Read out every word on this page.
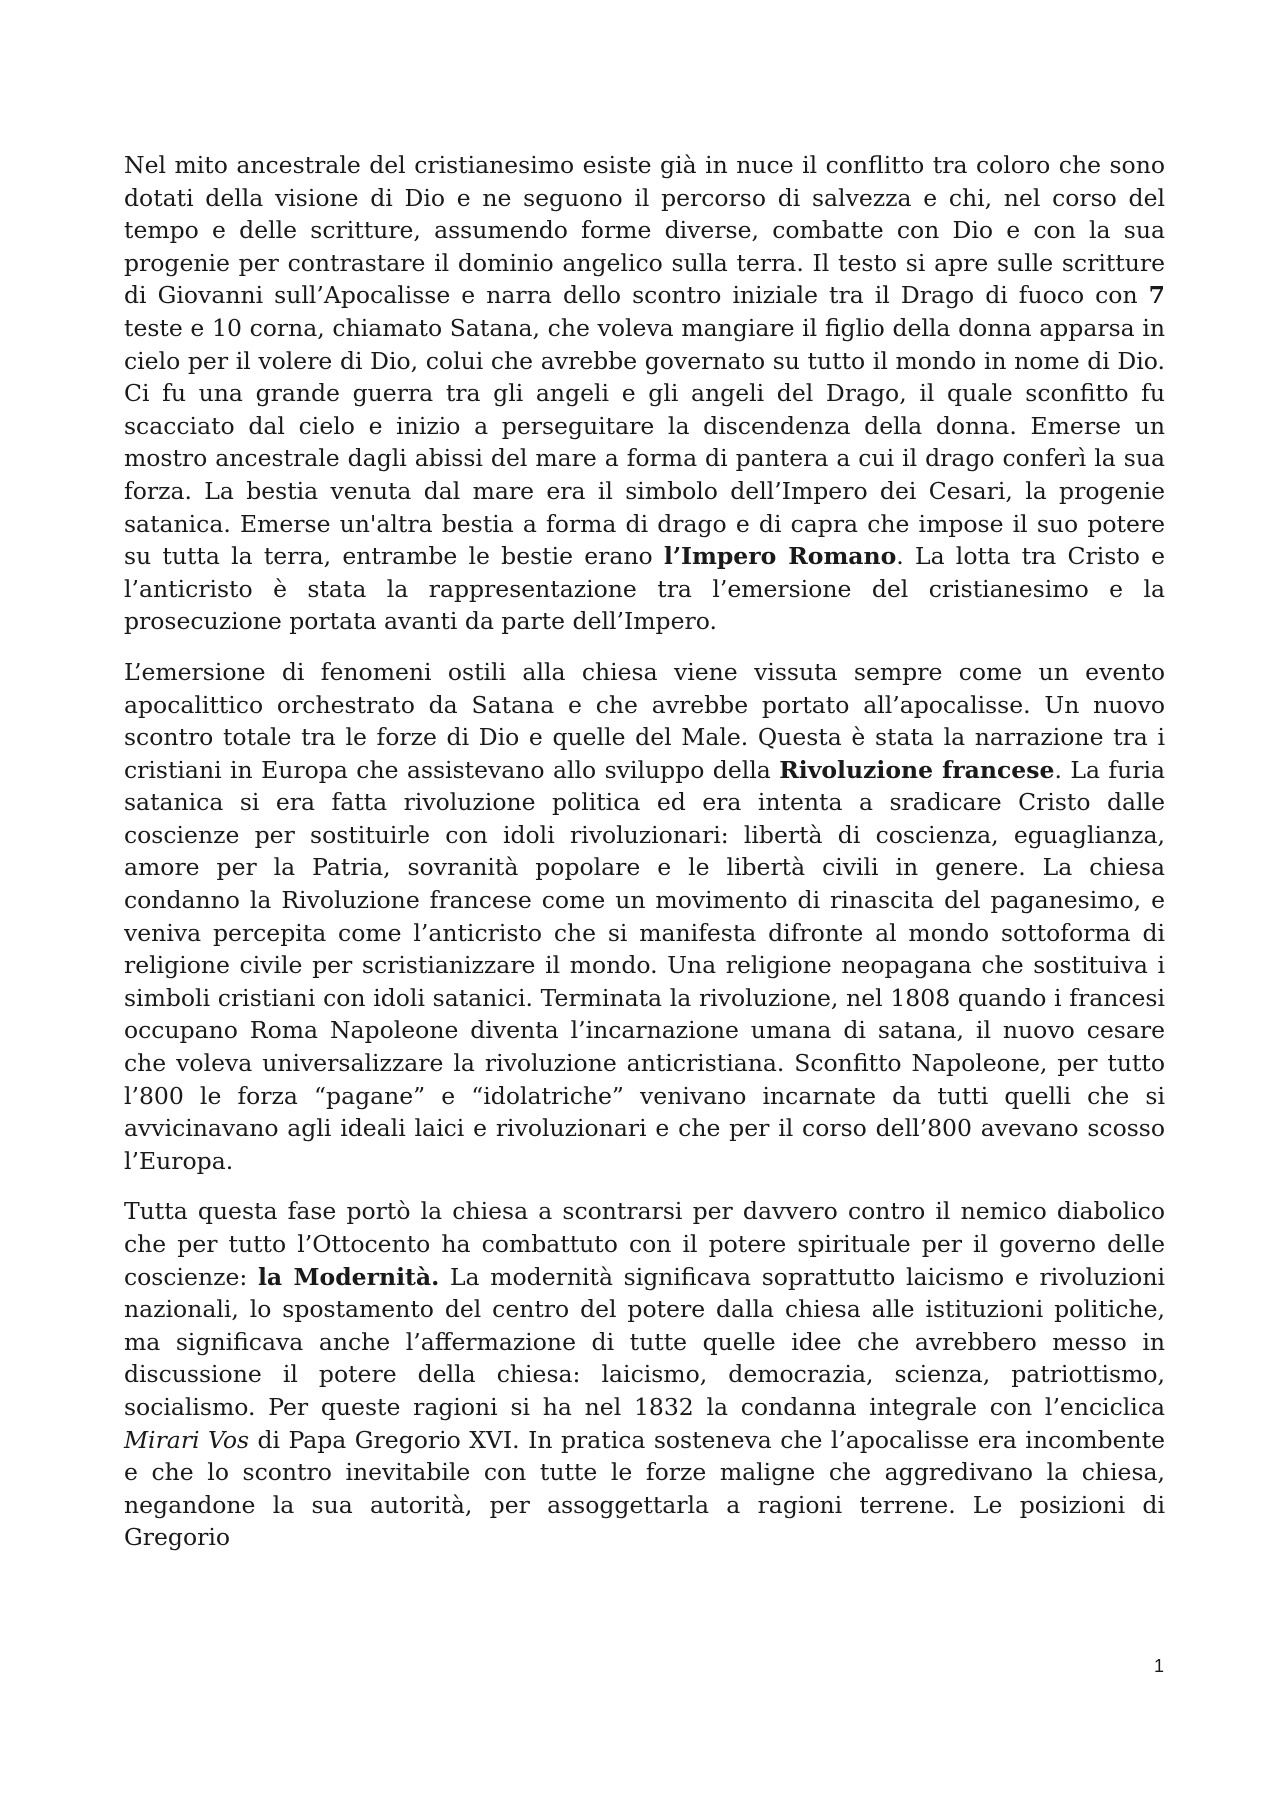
Nel mito ancestrale del cristianesimo esiste già in nuce il conflitto tra coloro che sono dotati della visione di Dio e ne seguono il percorso di salvezza e chi, nel corso del tempo e delle scritture, assumendo forme diverse, combatte con Dio e con la sua progenie per contrastare il dominio angelico sulla terra. Il testo si apre sulle scritture di Giovanni sull’Apocalisse e narra dello scontro iniziale tra il Drago di fuoco con 7 teste e 10 corna, chiamato Satana, che voleva mangiare il figlio della donna apparsa in cielo per il volere di Dio, colui che avrebbe governato su tutto il mondo in nome di Dio. Ci fu una grande guerra tra gli angeli e gli angeli del Drago, il quale sconfitto fu scacciato dal cielo e inizio a perseguitare la discendenza della donna. Emerse un mostro ancestrale dagli abissi del mare a forma di pantera a cui il drago conferì la sua forza. La bestia venuta dal mare era il simbolo dell’Impero dei Cesari, la progenie satanica. Emerse un'altra bestia a forma di drago e di capra che impose il suo potere su tutta la terra, entrambe le bestie erano l’Impero Romano. La lotta tra Cristo e l’anticristo è stata la rappresentazione tra l’emersione del cristianesimo e la prosecuzione portata avanti da parte dell’Impero.

L’emersione di fenomeni ostili alla chiesa viene vissuta sempre come un evento apocalittico orchestrato da Satana e che avrebbe portato all’apocalisse. Un nuovo scontro totale tra le forze di Dio e quelle del Male. Questa è stata la narrazione tra i cristiani in Europa che assistevano allo sviluppo della Rivoluzione francese. La furia satanica si era fatta rivoluzione politica ed era intenta a sradicare Cristo dalle coscienze per sostituirle con idoli rivoluzionari: libertà di coscienza, eguaglianza, amore per la Patria, sovranità popolare e le libertà civili in genere. La chiesa condanno la Rivoluzione francese come un movimento di rinascita del paganesimo, e veniva percepita come l’anticristo che si manifesta difronte al mondo sottoforma di religione civile per scristianizzare il mondo. Una religione neopagana che sostituiva i simboli cristiani con idoli satanici. Terminata la rivoluzione, nel 1808 quando i francesi occupano Roma Napoleone diventa l’incarnazione umana di satana, il nuovo cesare che voleva universalizzare la rivoluzione anticristiana. Sconfitto Napoleone, per tutto l’800 le forza “pagane” e “idolatriche” venivano incarnate da tutti quelli che si avvicinavano agli ideali laici e rivoluzionari e che per il corso dell’800 avevano scosso l’Europa.

Tutta questa fase portò la chiesa a scontrarsi per davvero contro il nemico diabolico che per tutto l’Ottocento ha combattuto con il potere spirituale per il governo delle coscienze: la Modernità. La modernità significava soprattutto laicismo e rivoluzioni nazionali, lo spostamento del centro del potere dalla chiesa alle istituzioni politiche, ma significava anche l’affermazione di tutte quelle idee che avrebbero messo in discussione il potere della chiesa: laicismo, democrazia, scienza, patriottismo, socialismo. Per queste ragioni si ha nel 1832 la condanna integrale con l’enciclica Mirari Vos di Papa Gregorio XVI. In pratica sosteneva che l’apocalisse era incombente e che lo scontro inevitabile con tutte le forze maligne che aggredivano la chiesa, negandone la sua autorità, per assoggettarla a ragioni terrene. Le posizioni di Gregorio

1
